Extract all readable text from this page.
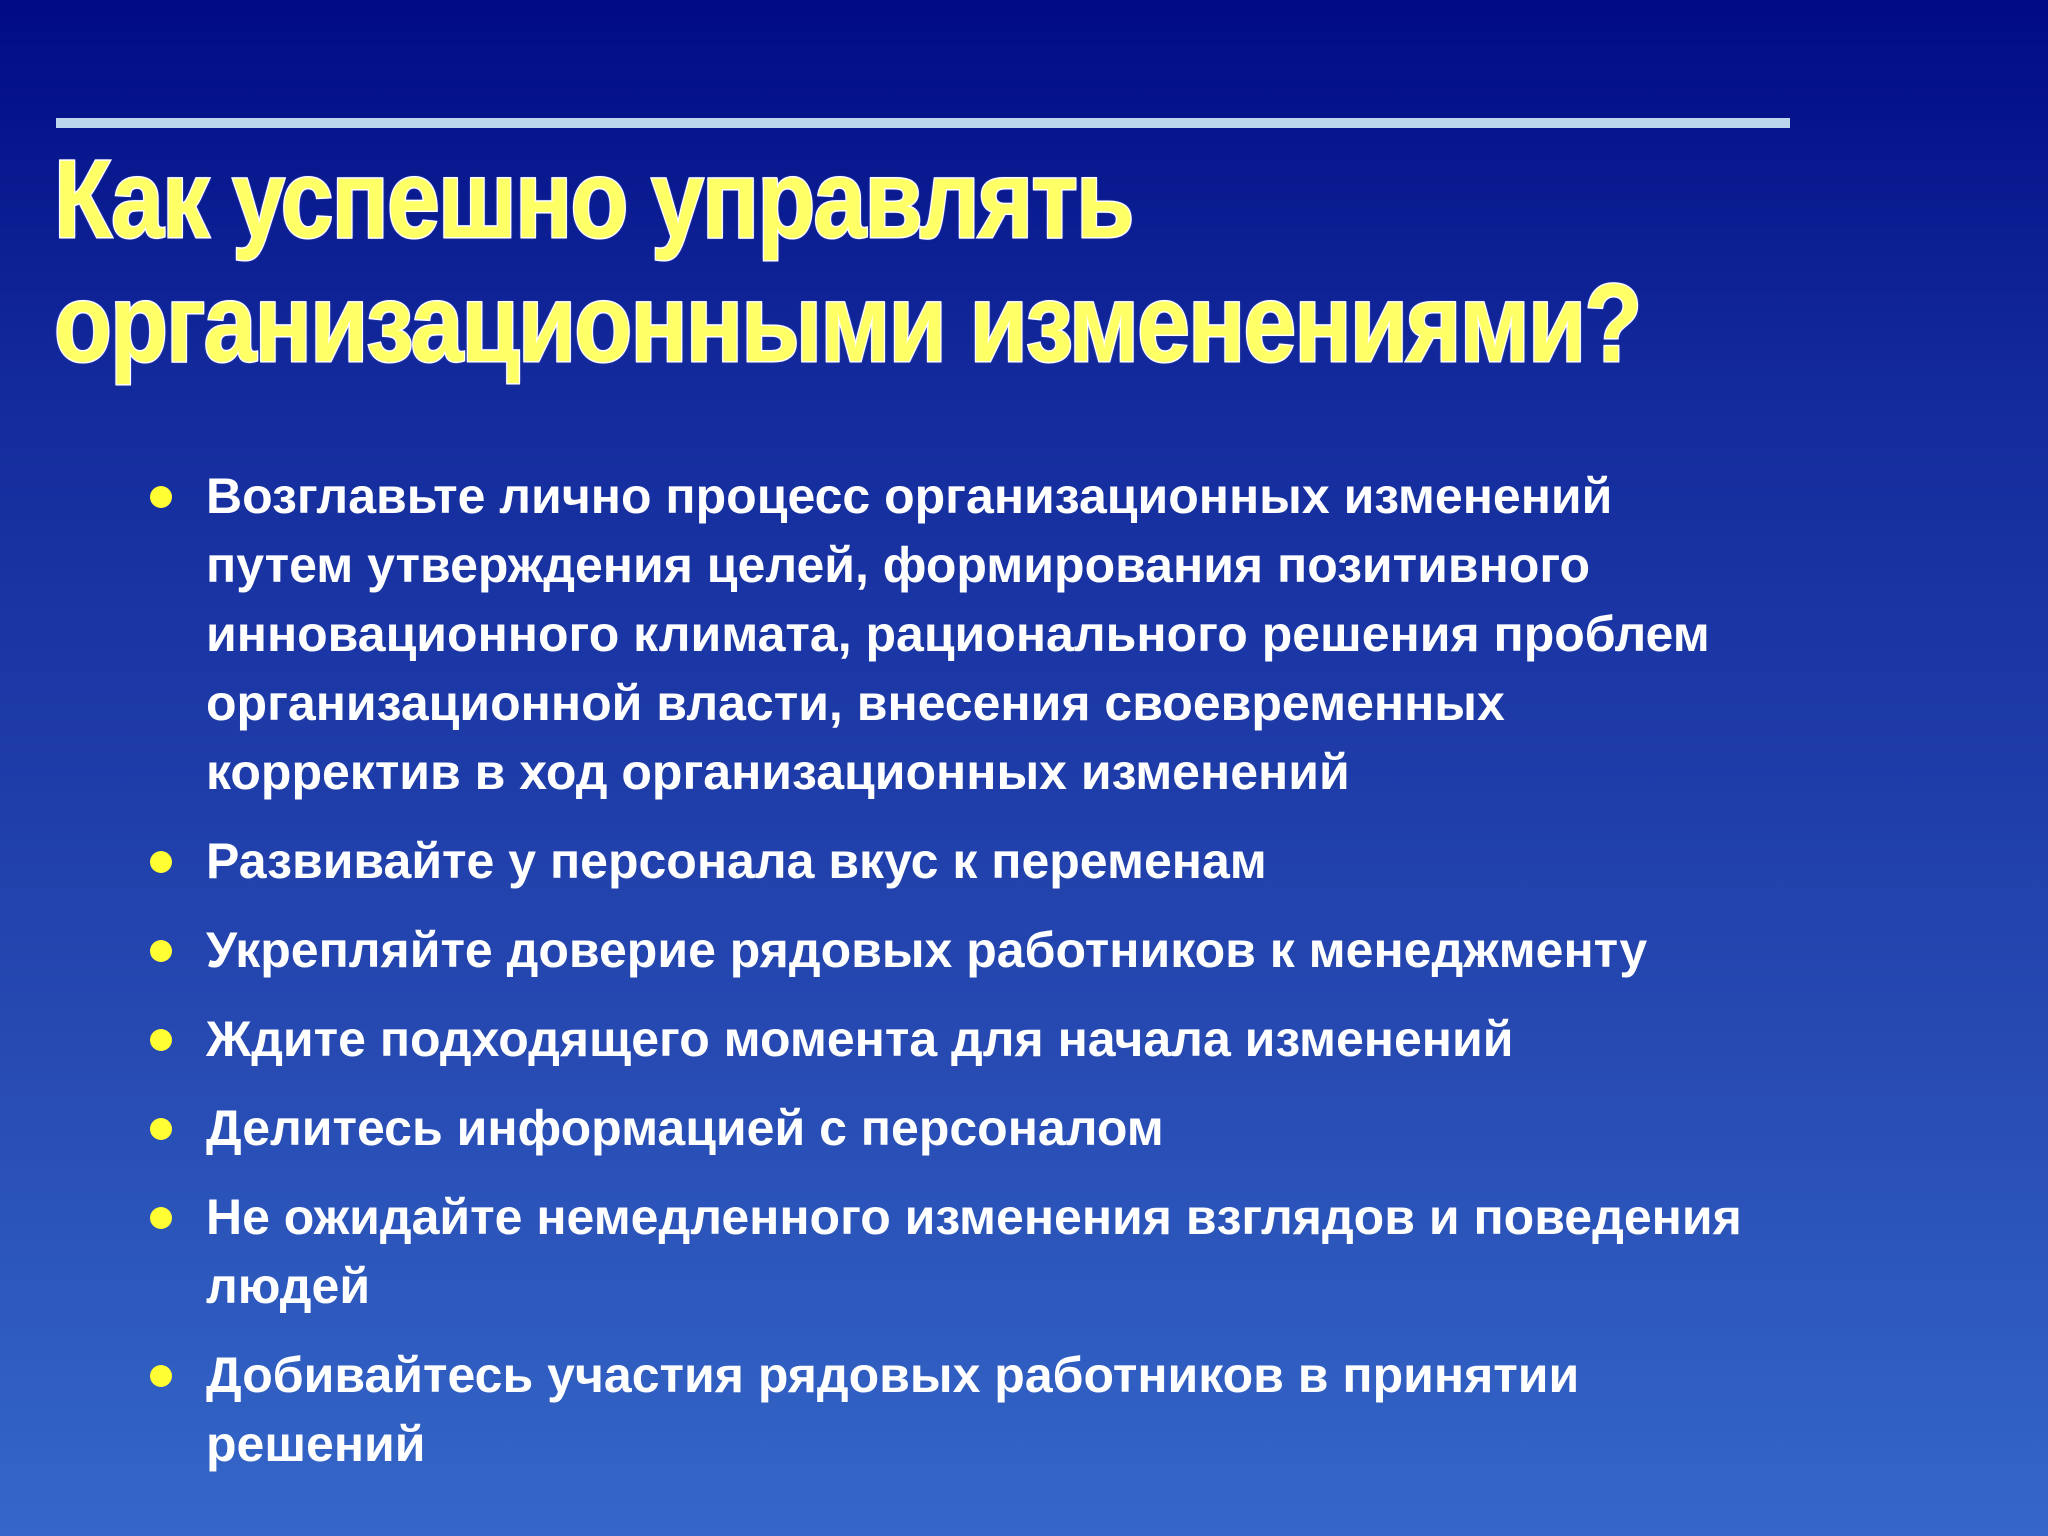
Как успешно управлять
организационными изменениями?
Возглавьте лично процесс организационных изменений
путем утверждения целей, формирования позитивного
инновационного климата, рационального решения проблем
организационной власти, внесения своевременных
корректив в ход организационных изменений
Развивайте у персонала вкус к переменам
Укрепляйте доверие рядовых работников к менеджменту
Ждите подходящего момента для начала изменений
Делитесь информацией с персоналом
Не ожидайте немедленного изменения взглядов и поведения
людей
Добивайтесь участия рядовых работников в принятии
решений
